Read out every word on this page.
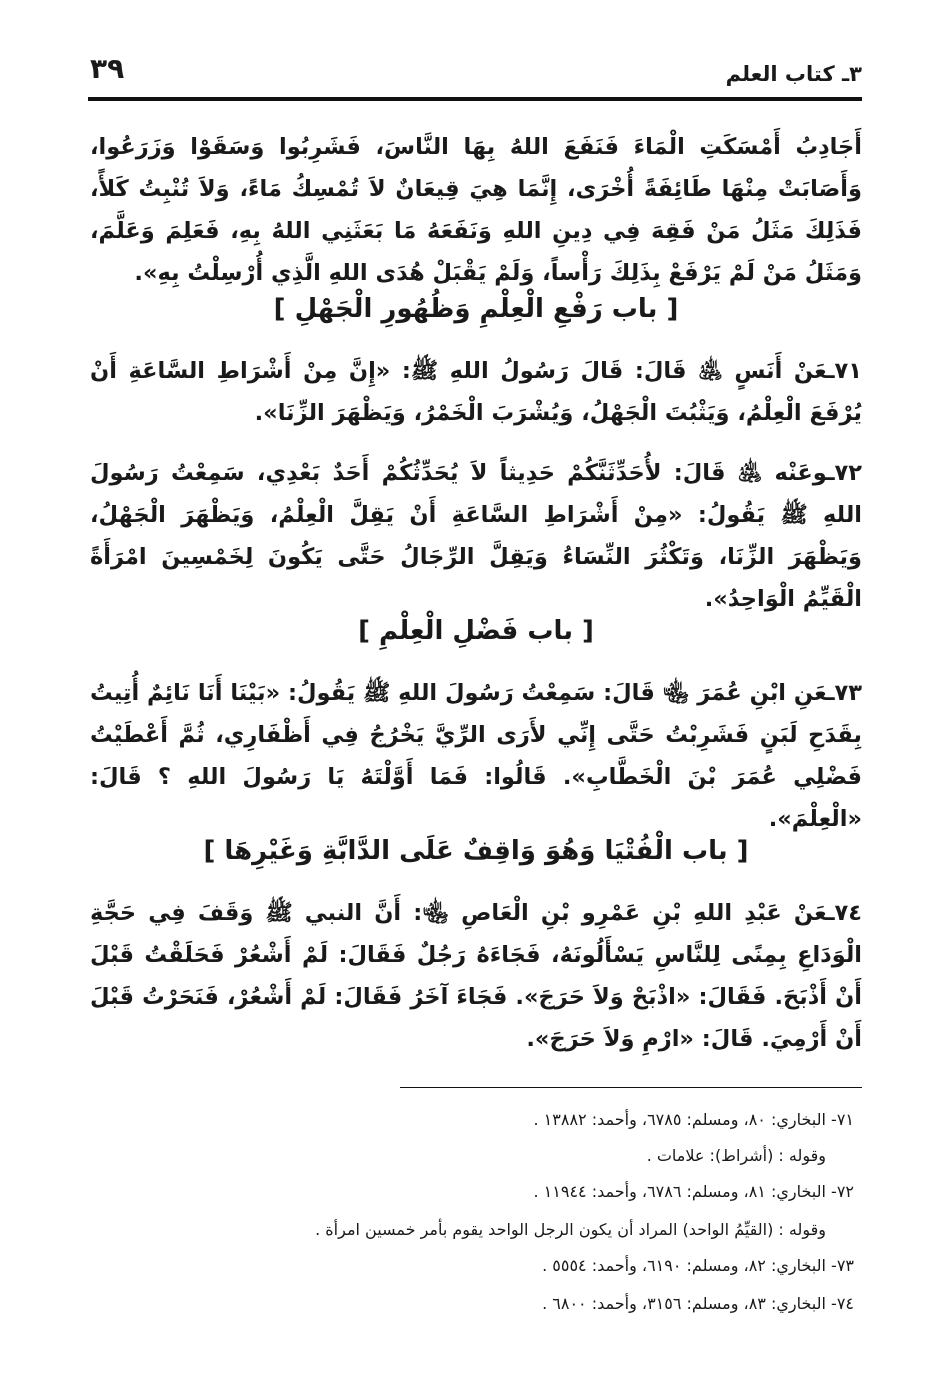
٣ـ كتاب العلم
٣٩

أَجَادِبُ أَمْسَكَتِ الْمَاءَ فَنَفَعَ اللهُ بِهَا النَّاسَ، فَشَرِبُوا وَسَقَوْا وَزَرَعُوا، وَأَصَابَتْ مِنْهَا طَائِفَةً أُخْرَى، إِنَّمَا هِيَ قِيعَانٌ لاَ تُمْسِكُ مَاءً، وَلاَ تُنْبِتُ كَلأً، فَذَلِكَ مَثَلُ مَنْ فَقِهَ فِي دِينِ اللهِ وَنَفَعَهُ مَا بَعَثَنِي اللهُ بِهِ، فَعَلِمَ وَعَلَّمَ، وَمَثَلُ مَنْ لَمْ يَرْفَعْ بِذَلِكَ رَأْساً، وَلَمْ يَقْبَلْ هُدَى اللهِ الَّذِي أُرْسِلْتُ بِهِ».

[ باب رَفْعِ الْعِلْمِ وَظُهُورِ الْجَهْلِ ]

٧١ـعَنْ أَنَسٍ ﵁ قَالَ: قَالَ رَسُولُ اللهِ ﷺ: «إِنَّ مِنْ أَشْرَاطِ السَّاعَةِ أَنْ يُرْفَعَ الْعِلْمُ، وَيَثْبُتَ الْجَهْلُ، وَيُشْرَبَ الْخَمْرُ، وَيَظْهَرَ الزِّنَا».

٧٢ـوعَنْه ﵁ قَالَ: لأُحَدِّثَنَّكُمْ حَدِيثاً لاَ يُحَدِّثُكُمْ أَحَدٌ بَعْدِي، سَمِعْتُ رَسُولَ اللهِ ﷺ يَقُولُ: «مِنْ أَشْرَاطِ السَّاعَةِ أَنْ يَقِلَّ الْعِلْمُ، وَيَظْهَرَ الْجَهْلُ، وَيَظْهَرَ الزِّنَا، وَتَكْثُرَ النِّسَاءُ وَيَقِلَّ الرِّجَالُ حَتَّى يَكُونَ لِخَمْسِينَ امْرَأَةً الْقَيِّمُ الْوَاحِدُ».

[ باب فَضْلِ الْعِلْمِ ]

٧٣ـعَنِ ابْنِ عُمَرَ ﵄ قَالَ: سَمِعْتُ رَسُولَ اللهِ ﷺ يَقُولُ: «بَيْنَا أَنَا نَائِمٌ أُتِيتُ بِقَدَحِ لَبَنٍ فَشَرِبْتُ حَتَّى إِنِّي لأَرَى الرِّيَّ يَخْرُجُ فِي أَظْفَارِي، ثُمَّ أَعْطَيْتُ فَضْلِي عُمَرَ بْنَ الْخَطَّابِ». قَالُوا: فَمَا أَوَّلْتَهُ يَا رَسُولَ اللهِ ؟ قَالَ: «الْعِلْمَ».

[ باب الْفُتْيَا وَهُوَ وَاقِفٌ عَلَى الدَّابَّةِ وَغَيْرِهَا ]

٧٤ـعَنْ عَبْدِ اللهِ بْنِ عَمْرِو بْنِ الْعَاصِ ﵄: أَنَّ النبي ﷺ وَقَفَ فِي حَجَّةِ الْوَدَاعِ بِمِنًى لِلنَّاسِ يَسْأَلُونَهُ، فَجَاءَهُ رَجُلٌ فَقَالَ: لَمْ أَشْعُرْ فَحَلَقْتُ قَبْلَ أَنْ أَذْبَحَ. فَقَالَ: «اذْبَحْ وَلاَ حَرَجَ». فَجَاءَ آخَرُ فَقَالَ: لَمْ أَشْعُرْ، فَنَحَرْتُ قَبْلَ أَنْ أَرْمِيَ. قَالَ: «ارْمِ وَلاَ حَرَجَ».

٧١- البخاري: ٨٠، ومسلم: ٦٧٨٥، وأحمد: ١٣٨٨٢ .

وقوله : (أشراط): علامات .

٧٢- البخاري: ٨١، ومسلم: ٦٧٨٦، وأحمد: ١١٩٤٤ .

وقوله : (القيِّمُ الواحد) المراد أن يكون الرجل الواحد يقوم بأمر خمسين امرأة .

٧٣- البخاري: ٨٢، ومسلم: ٦١٩٠، وأحمد: ٥٥٥٤ .

٧٤- البخاري: ٨٣، ومسلم: ٣١٥٦، وأحمد: ٦٨٠٠ .
